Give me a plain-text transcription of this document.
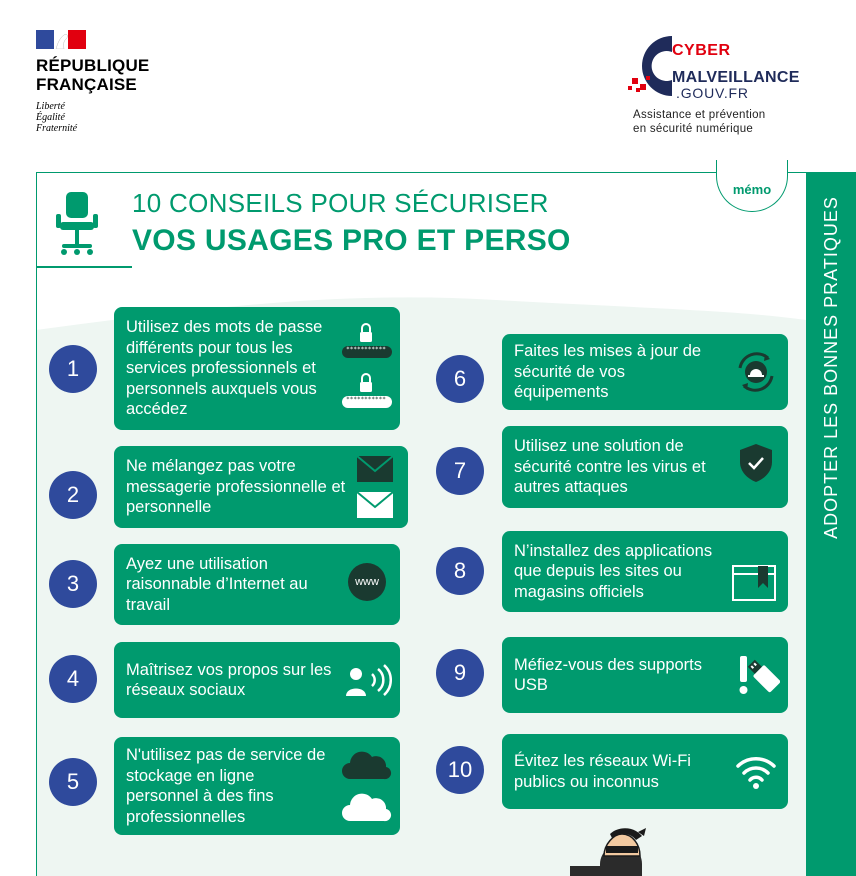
RÉPUBLIQUE
FRANÇAISE
Liberté
Égalité
Fraternité
CYBER
MALVEILLANCE
.GOUV.FR
Assistance et prévention
en sécurité numérique
ADOPTER LES BONNES PRATIQUES
mémo
10 CONSEILS POUR SÉCURISER
VOS USAGES PRO ET PERSO
1
Utilisez des mots de passe différents pour tous les services professionnels et personnels auxquels vous accédez
***********
***********
2
Ne mélangez pas votre messagerie professionnelle et personnelle
3
Ayez une utilisation raisonnable d’Internet au travail
www
4	Maîtrisez vos propos sur les réseaux sociaux
5
N'utilisez pas de service de stockage en ligne personnel à des fins professionnelles
6
Faites les mises à jour de sécurité de vos équipements
7
Utilisez une solution de sécurité contre les virus et autres attaques
8
N’installez des applications que depuis les sites ou magasins officiels
9	Méfiez-vous des supports USB
10	Évitez les réseaux Wi-Fi publics ou inconnus
